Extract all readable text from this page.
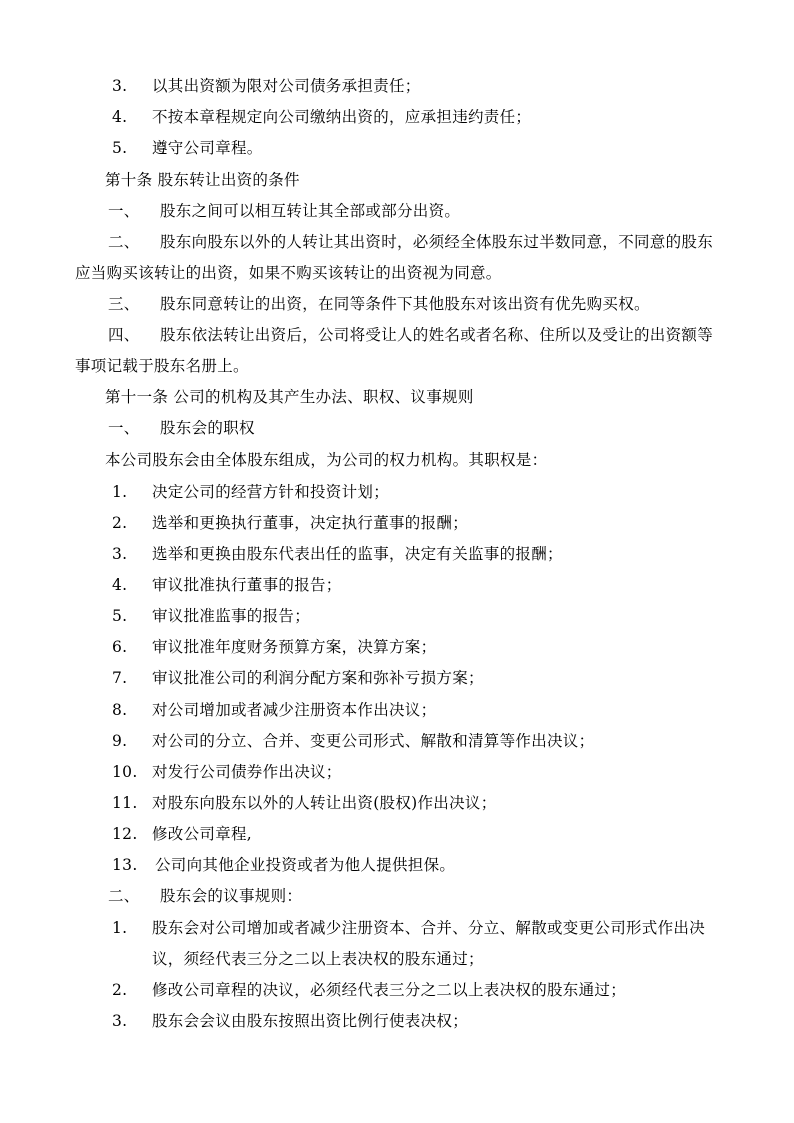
3. 以其出资额为限对公司债务承担责任；
4. 不按本章程规定向公司缴纳出资的，应承担违约责任；
5. 遵守公司章程。
第十条 股东转让出资的条件
一、 股东之间可以相互转让其全部或部分出资。
二、 股东向股东以外的人转让其出资时，必须经全体股东过半数同意，不同意的股东
应当购买该转让的出资，如果不购买该转让的出资视为同意。
三、 股东同意转让的出资，在同等条件下其他股东对该出资有优先购买权。
四、 股东依法转让出资后，公司将受让人的姓名或者名称、住所以及受让的出资额等
事项记载于股东名册上。
第十一条 公司的机构及其产生办法、职权、议事规则
一、 股东会的职权
本公司股东会由全体股东组成，为公司的权力机构。其职权是：
1. 决定公司的经营方针和投资计划；
2. 选举和更换执行董事，决定执行董事的报酬；
3. 选举和更换由股东代表出任的监事，决定有关监事的报酬；
4. 审议批准执行董事的报告；
5. 审议批准监事的报告；
6. 审议批准年度财务预算方案，决算方案；
7. 审议批准公司的利润分配方案和弥补亏损方案；
8. 对公司增加或者减少注册资本作出决议；
9. 对公司的分立、合并、变更公司形式、解散和清算等作出决议；
10. 对发行公司债券作出决议；
11. 对股东向股东以外的人转让出资(股权)作出决议；
12. 修改公司章程,
13. 公司向其他企业投资或者为他人提供担保。
二、 股东会的议事规则：
1. 股东会对公司增加或者减少注册资本、合并、分立、解散或变更公司形式作出决
议，须经代表三分之二以上表决权的股东通过；
2. 修改公司章程的决议，必须经代表三分之二以上表决权的股东通过；
3. 股东会会议由股东按照出资比例行使表决权；
